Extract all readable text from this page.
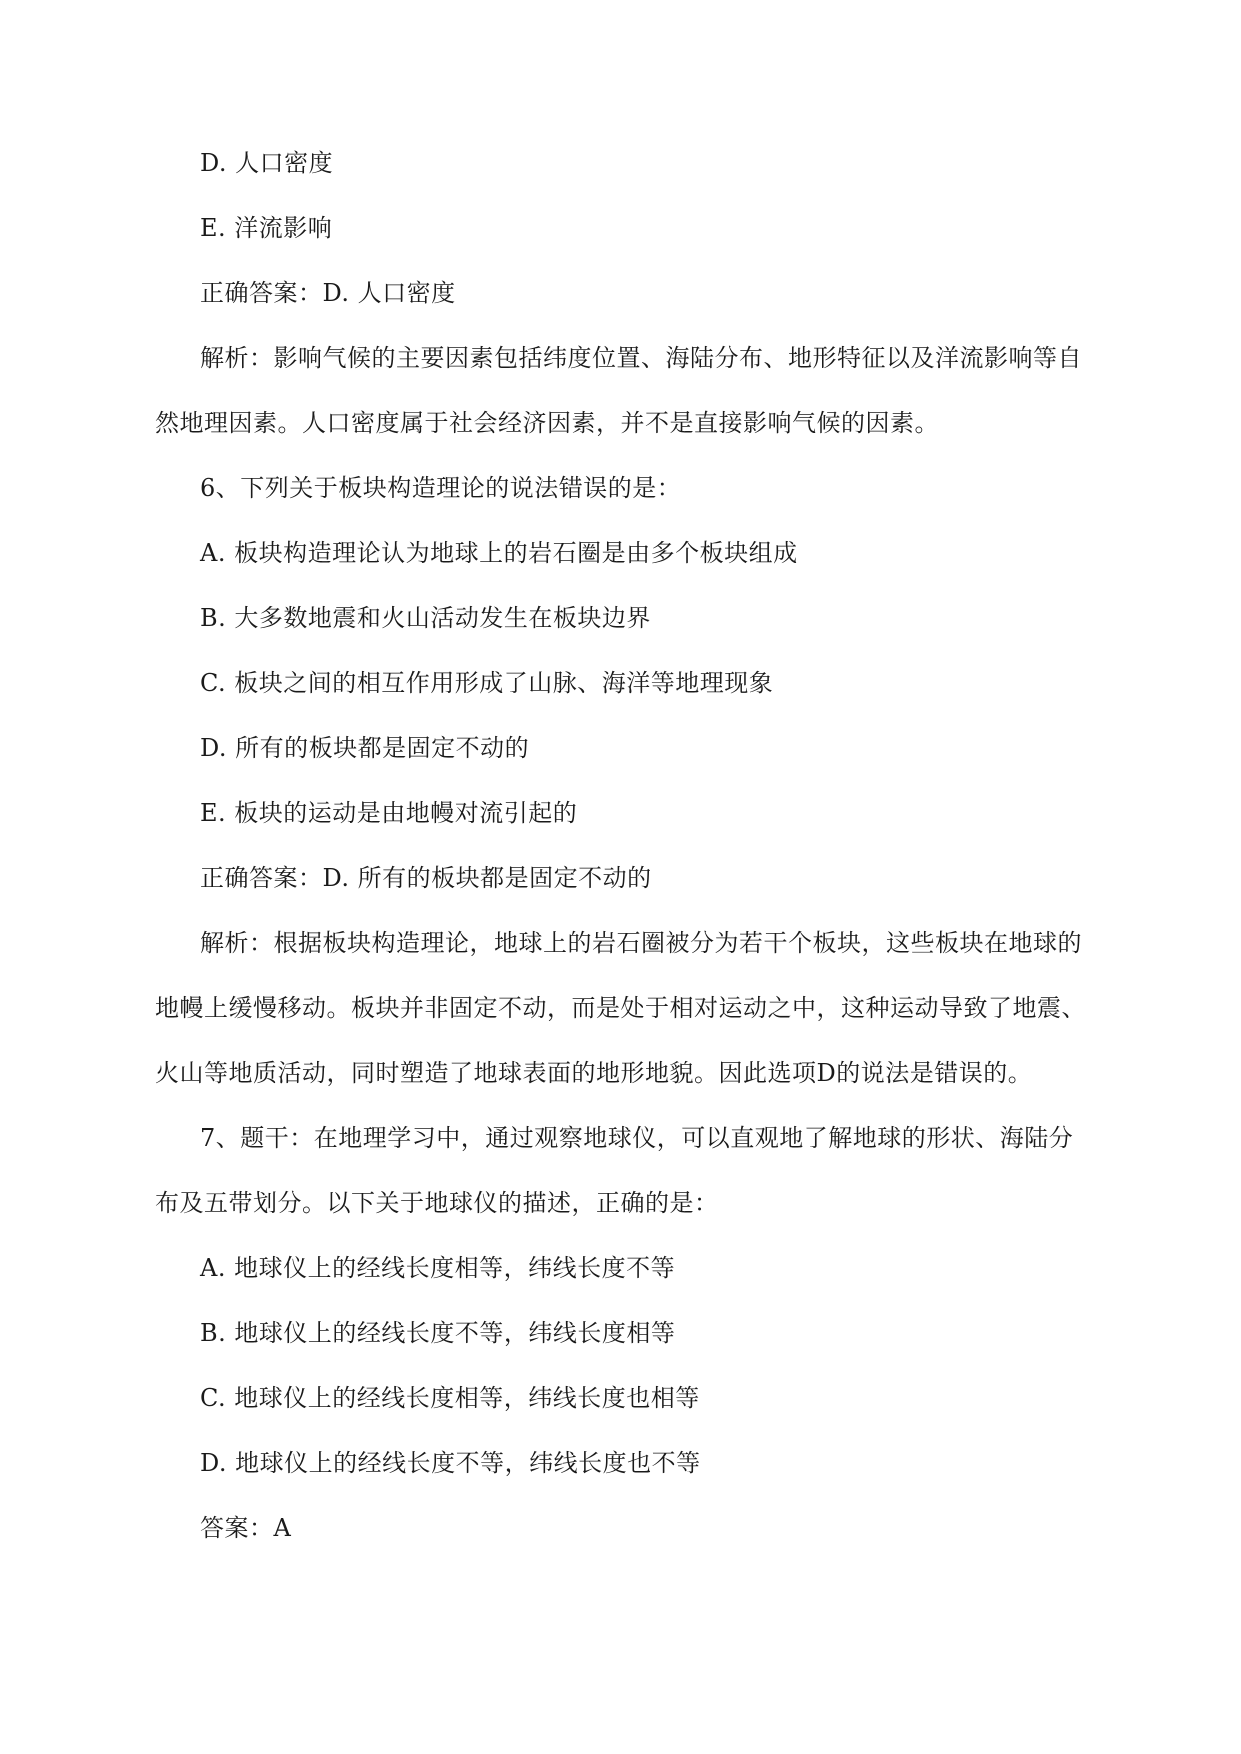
D. 人口密度
E. 洋流影响
正确答案：D. 人口密度
解析：影响气候的主要因素包括纬度位置、海陆分布、地形特征以及洋流影响等自
然地理因素。人口密度属于社会经济因素，并不是直接影响气候的因素。
6、下列关于板块构造理论的说法错误的是：
A. 板块构造理论认为地球上的岩石圈是由多个板块组成
B. 大多数地震和火山活动发生在板块边界
C. 板块之间的相互作用形成了山脉、海洋等地理现象
D. 所有的板块都是固定不动的
E. 板块的运动是由地幔对流引起的
正确答案：D. 所有的板块都是固定不动的
解析：根据板块构造理论，地球上的岩石圈被分为若干个板块，这些板块在地球的
地幔上缓慢移动。板块并非固定不动，而是处于相对运动之中，这种运动导致了地震、
火山等地质活动，同时塑造了地球表面的地形地貌。因此选项D的说法是错误的。
7、题干：在地理学习中，通过观察地球仪，可以直观地了解地球的形状、海陆分
布及五带划分。以下关于地球仪的描述，正确的是：
A. 地球仪上的经线长度相等，纬线长度不等
B. 地球仪上的经线长度不等，纬线长度相等
C. 地球仪上的经线长度相等，纬线长度也相等
D. 地球仪上的经线长度不等，纬线长度也不等
答案：A
